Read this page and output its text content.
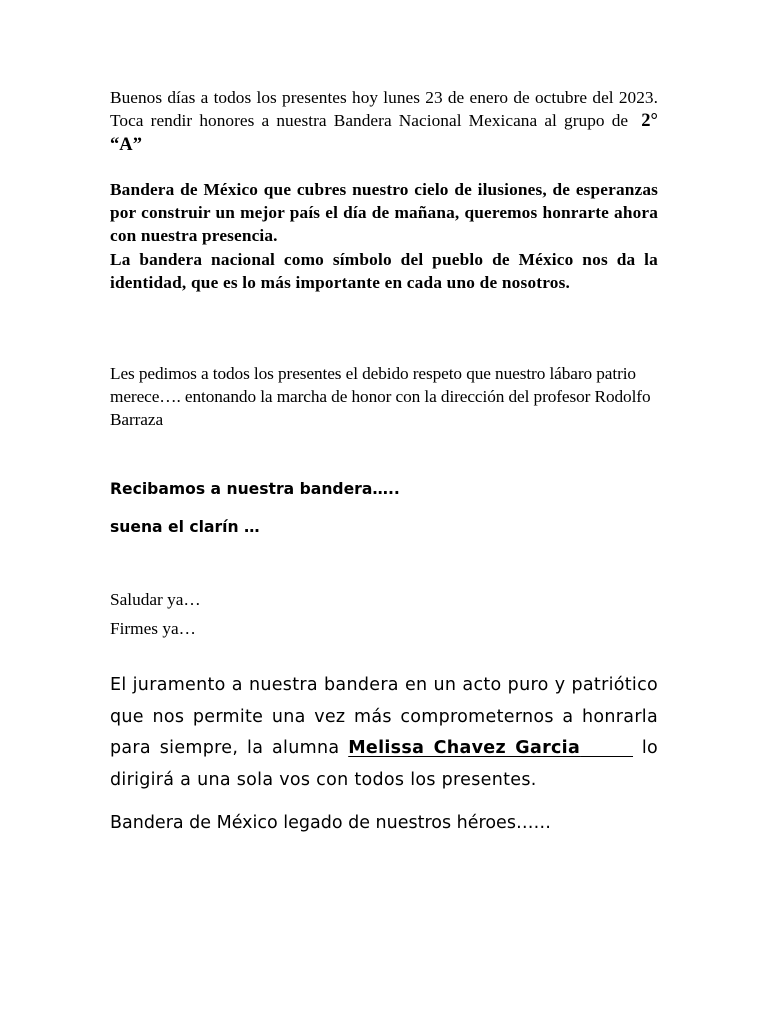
Buenos días a todos los presentes hoy lunes 23 de enero de octubre del 2023. Toca rendir honores a nuestra Bandera Nacional Mexicana al grupo de 2° “A”

Bandera de México que cubres nuestro cielo de ilusiones, de esperanzas por construir un mejor país el día de mañana, queremos honrarte ahora con nuestra presencia.

La bandera nacional como símbolo del pueblo de México nos da la identidad, que es lo más importante en cada uno de nosotros.

Les pedimos a todos los presentes el debido respeto que nuestro lábaro patrio merece…. entonando la marcha de honor con la dirección del profesor Rodolfo Barraza

Recibamos a nuestra bandera…..

suena el clarín …

Saludar ya…

Firmes ya…

El juramento a nuestra bandera en un acto puro y patriótico que nos permite una vez más comprometernos a honrarla para siempre, la alumna Melissa Chavez Garcia	lo dirigirá a una sola vos con todos los presentes.

Bandera de México legado de nuestros héroes……
